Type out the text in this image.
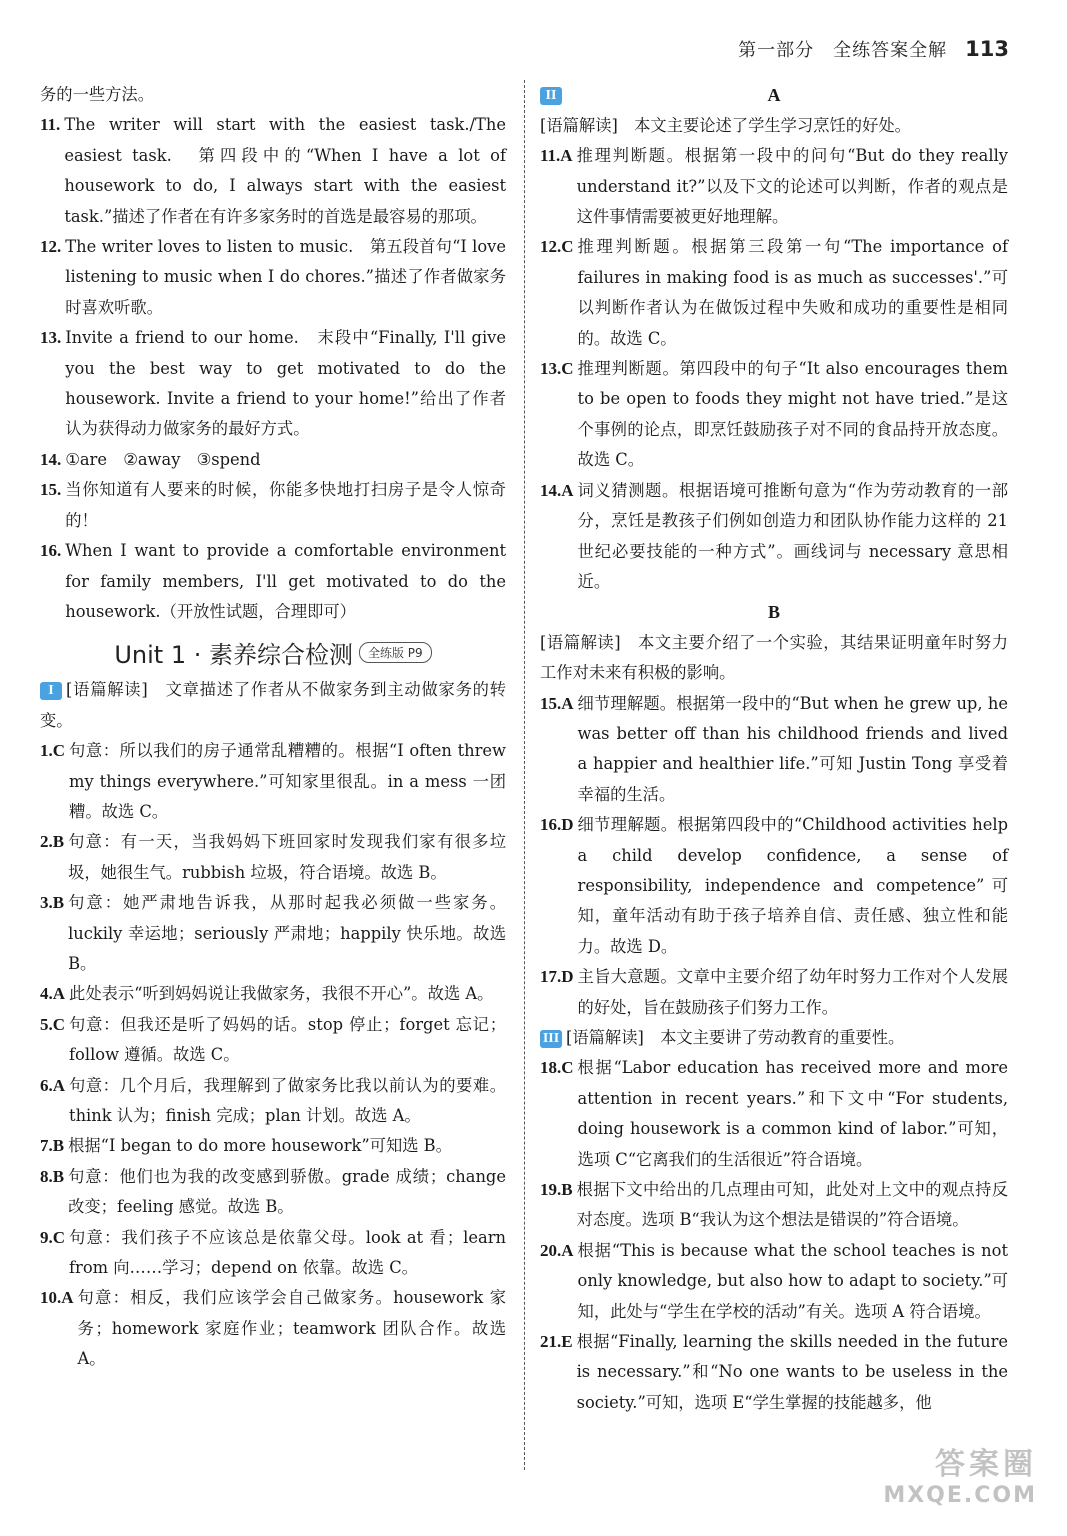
第一部分　全练答案全解 113

务的一些方法。

11. The writer will start with the easiest task./The easiest task.　第四段中的“When I have a lot of housework to do, I always start with the easiest task.”描述了作者在有许多家务时的首选是最容易的那项。
12. The writer loves to listen to music.　第五段首句“I love listening to music when I do chores.”描述了作者做家务时喜欢听歌。
13. Invite a friend to our home.　末段中“Finally, I'll give you the best way to get motivated to do the housework. Invite a friend to your home!”给出了作者认为获得动力做家务的最好方式。
14. ①are　②away　③spend
15. 当你知道有人要来的时候，你能多快地打扫房子是令人惊奇的！
16. When I want to provide a comfortable environment for family members, I'll get motivated to do the housework.（开放性试题，合理即可）
Unit 1 · 素养综合检测	全练版 P9

I [语篇解读]　文章描述了作者从不做家务到主动做家务的转变。

1.C 句意：所以我们的房子通常乱糟糟的。根据“I often threw my things everywhere.”可知家里很乱。in a mess 一团糟。故选 C。
2.B 句意：有一天，当我妈妈下班回家时发现我们家有很多垃圾，她很生气。rubbish 垃圾，符合语境。故选 B。
3.B 句意：她严肃地告诉我，从那时起我必须做一些家务。luckily 幸运地；seriously 严肃地；happily 快乐地。故选 B。
4.A 此处表示“听到妈妈说让我做家务，我很不开心”。故选 A。
5.C 句意：但我还是听了妈妈的话。stop 停止；forget 忘记；follow 遵循。故选 C。
6.A 句意：几个月后，我理解到了做家务比我以前认为的要难。think 认为；finish 完成；plan 计划。故选 A。
7.B 根据“I began to do more housework”可知选 B。
8.B 句意：他们也为我的改变感到骄傲。grade 成绩；change 改变；feeling 感觉。故选 B。
9.C 句意：我们孩子不应该总是依靠父母。look at 看；learn from 向……学习；depend on 依靠。故选 C。
10.A 句意：相反，我们应该学会自己做家务。housework 家务；homework 家庭作业；teamwork 团队合作。故选 A。

II	A

[语篇解读]　本文主要论述了学生学习烹饪的好处。

11.A 推理判断题。根据第一段中的问句“But do they really understand it?”以及下文的论述可以判断，作者的观点是这件事情需要被更好地理解。
12.C 推理判断题。根据第三段第一句“The importance of failures in making food is as much as successes'.”可以判断作者认为在做饭过程中失败和成功的重要性是相同的。故选 C。
13.C 推理判断题。第四段中的句子“It also encourages them to be open to foods they might not have tried.”是这个事例的论点，即烹饪鼓励孩子对不同的食品持开放态度。故选 C。
14.A 词义猜测题。根据语境可推断句意为“作为劳动教育的一部分，烹饪是教孩子们例如创造力和团队协作能力这样的 21 世纪必要技能的一种方式”。画线词与 necessary 意思相近。
B

[语篇解读]　本文主要介绍了一个实验，其结果证明童年时努力工作对未来有积极的影响。

15.A 细节理解题。根据第一段中的“But when he grew up, he was better off than his childhood friends and lived a happier and healthier life.”可知 Justin Tong 享受着幸福的生活。
16.D 细节理解题。根据第四段中的“Childhood activities help a child develop confidence, a sense of responsibility, independence and competence”可知，童年活动有助于孩子培养自信、责任感、独立性和能力。故选 D。
17.D 主旨大意题。文章中主要介绍了幼年时努力工作对个人发展的好处，旨在鼓励孩子们努力工作。

III [语篇解读]　本文主要讲了劳动教育的重要性。

18.C 根据“Labor education has received more and more attention in recent years.”和下文中“For students, doing housework is a common kind of labor.”可知，选项 C“它离我们的生活很近”符合语境。
19.B 根据下文中给出的几点理由可知，此处对上文中的观点持反对态度。选项 B“我认为这个想法是错误的”符合语境。
20.A 根据“This is because what the school teaches is not only knowledge, but also how to adapt to society.”可知，此处与“学生在学校的活动”有关。选项 A 符合语境。
21.E 根据“Finally, learning the skills needed in the future is necessary.”和“No one wants to be useless in the society.”可知，选项 E“学生掌握的技能越多，他
答案圈
MXQE.COM
